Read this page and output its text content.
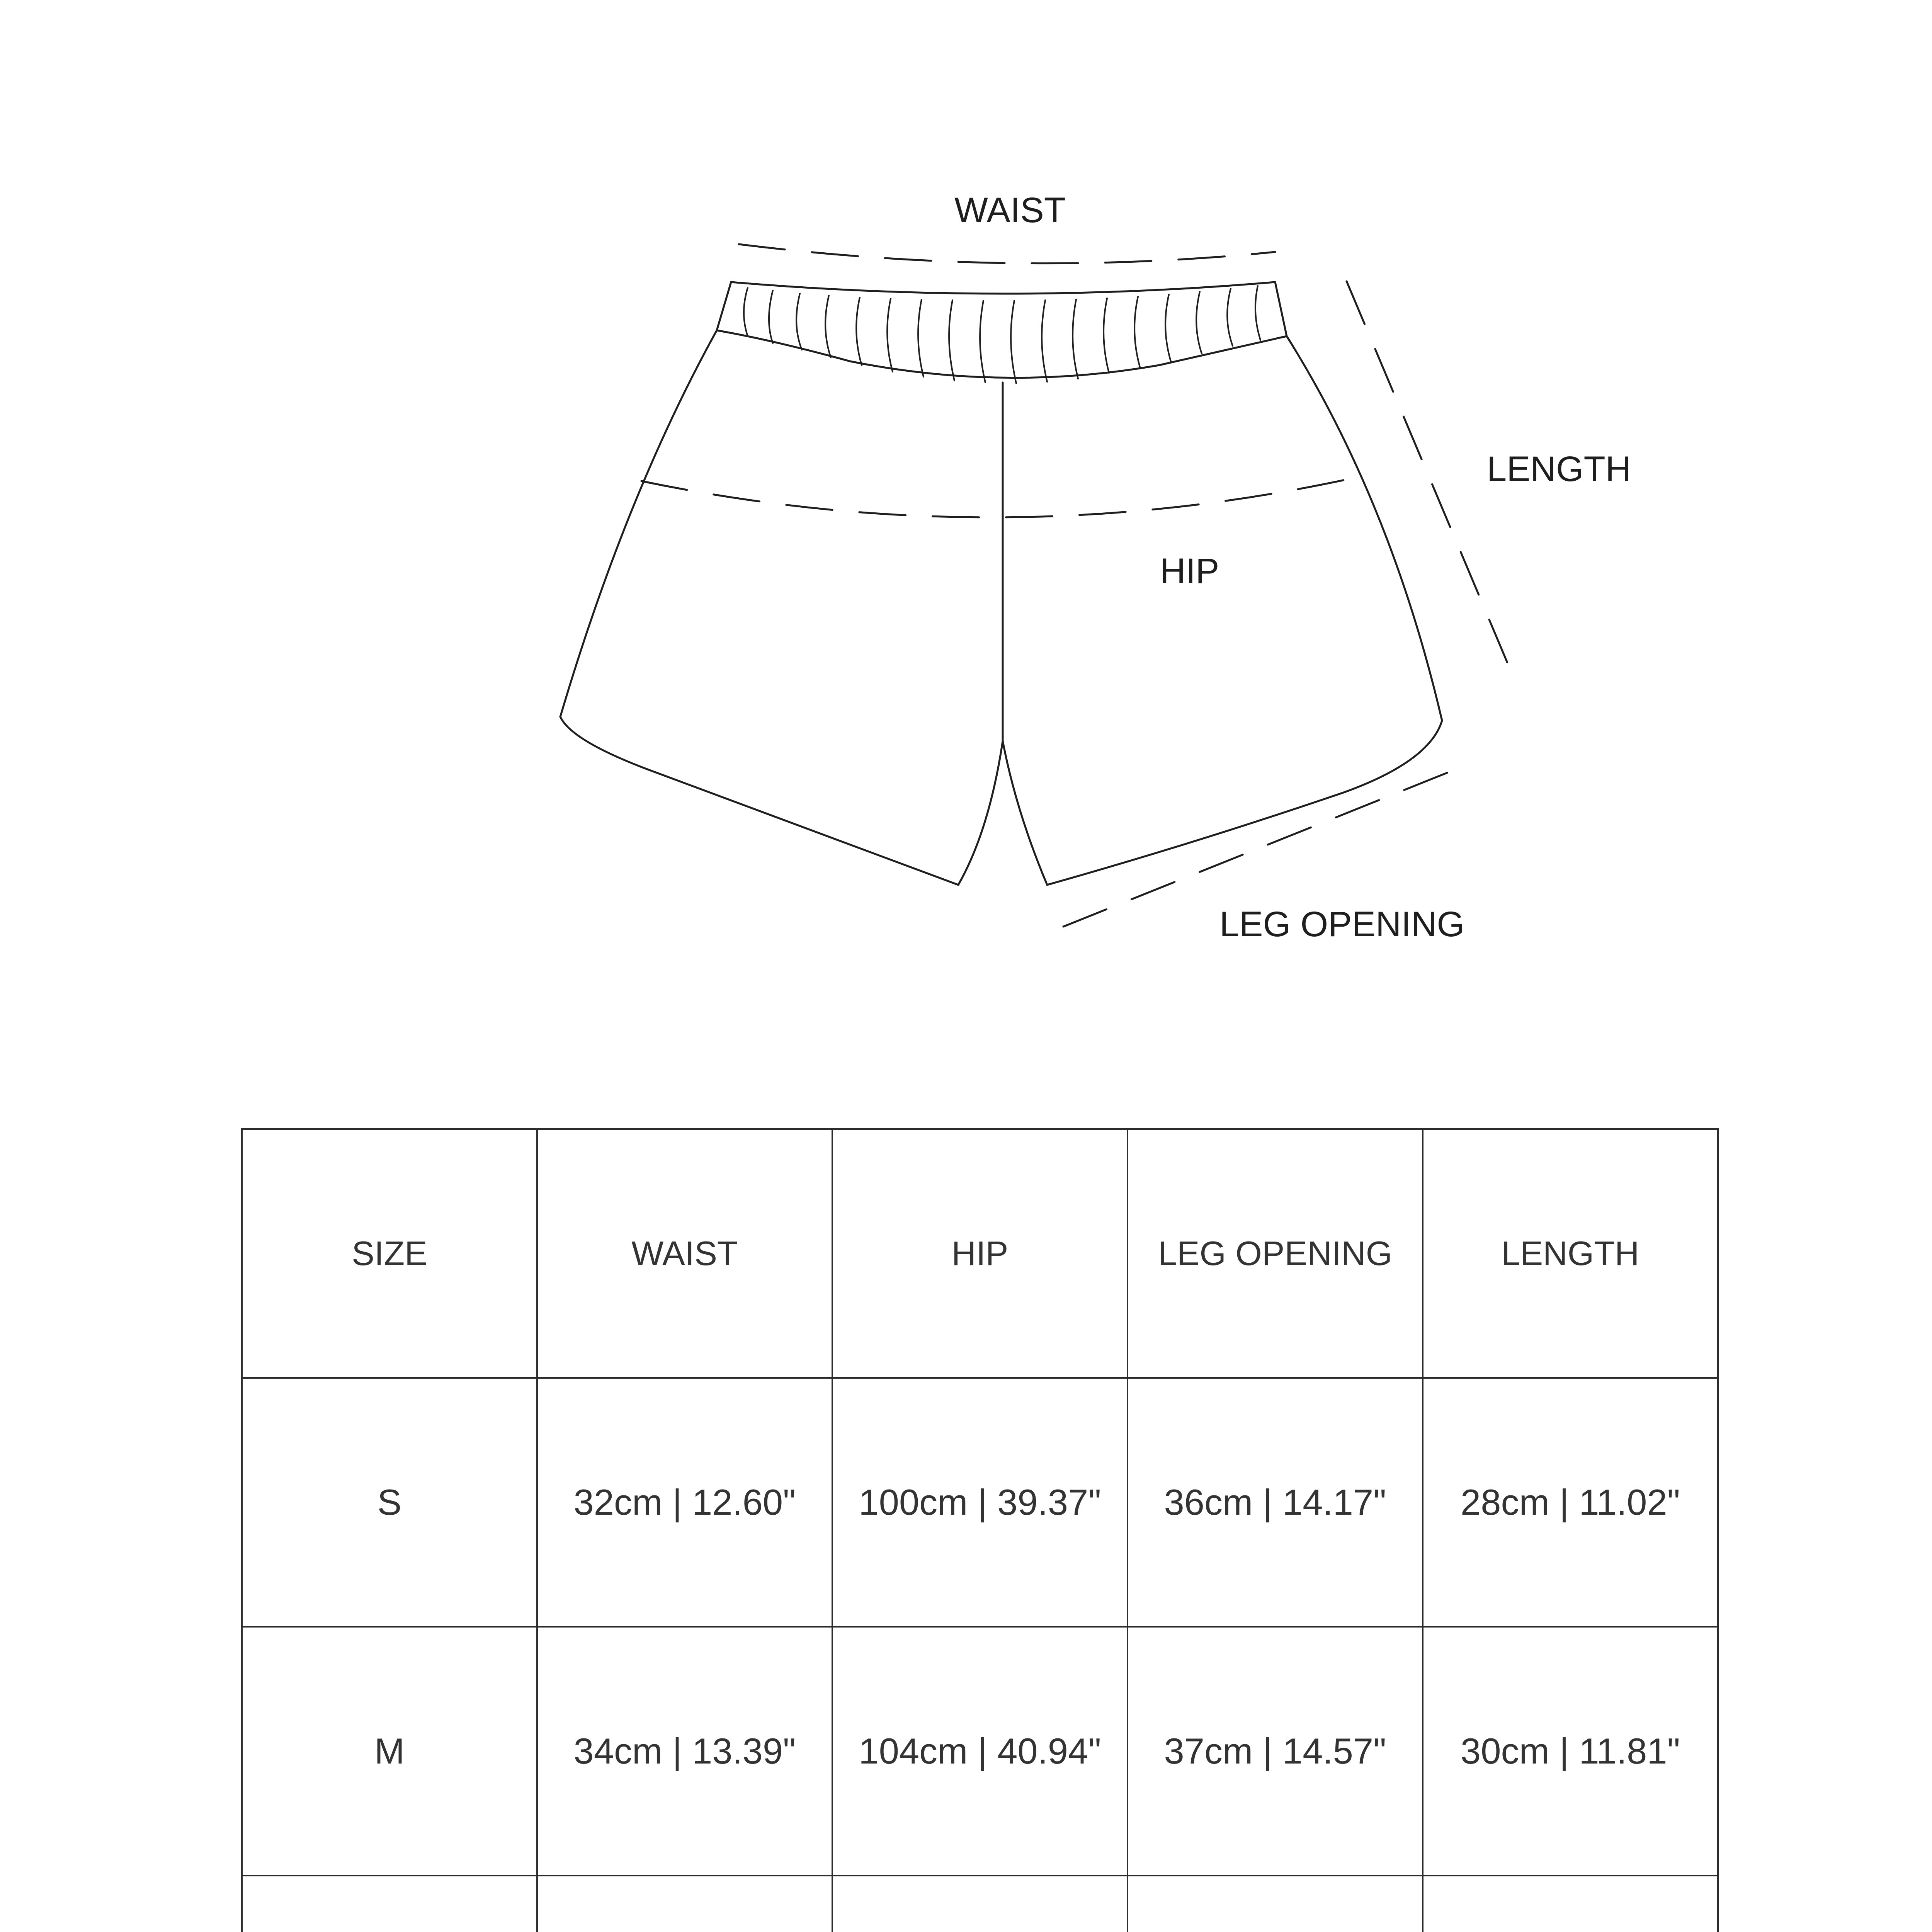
WAIST
LENGTH
HIP
LEG OPENING
SIZE	WAIST	HIP	LEG OPENING	LENGTH
S	32cm | 12.60"	100cm | 39.37"	36cm | 14.17"	28cm | 11.02"
M	34cm | 13.39"	104cm | 40.94"	37cm | 14.57"	30cm | 11.81"
